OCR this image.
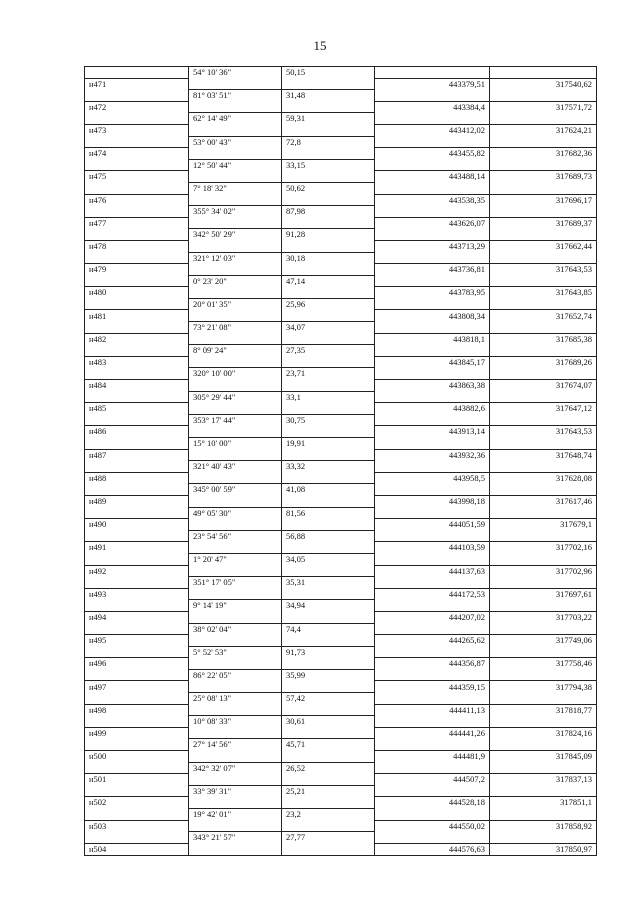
15
	54° 10' 36"	50,15		
н471			443379,51	317540,62
	81° 03' 51"	31,48		
н472			443384,4	317571,72
	62° 14' 49"	59,31		
н473			443412,02	317624,21
	53° 00' 43"	72,8		
н474			443455,82	317682,36
	12° 50' 44"	33,15		
н475			443488,14	317689,73
	7° 18' 32"	50,62		
н476			443538,35	317696,17
	355° 34' 02"	87,98		
н477			443626,07	317689,37
	342° 50' 29"	91,28		
н478			443713,29	317662,44
	321° 12' 03"	30,18		
н479			443736,81	317643,53
	0° 23' 20"	47,14		
н480			443783,95	317643,85
	20° 01' 35"	25,96		
н481			443808,34	317652,74
	73° 21' 08"	34,07		
н482			443818,1	317685,38
	8° 09' 24"	27,35		
н483			443845,17	317689,26
	320° 10' 00"	23,71		
н484			443863,38	317674,07
	305° 29' 44"	33,1		
н485			443882,6	317647,12
	353° 17' 44"	30,75		
н486			443913,14	317643,53
	15° 10' 00"	19,91		
н487			443932,36	317648,74
	321° 40' 43"	33,32		
н488			443958,5	317628,08
	345° 00' 59"	41,08		
н489			443998,18	317617,46
	49° 05' 30"	81,56		
н490			444051,59	317679,1
	23° 54' 56"	56,88		
н491			444103,59	317702,16
	1° 20' 47"	34,05		
н492			444137,63	317702,96
	351° 17' 05"	35,31		
н493			444172,53	317697,61
	9° 14' 19"	34,94		
н494			444207,02	317703,22
	38° 02' 04"	74,4		
н495			444265,62	317749,06
	5° 52' 53"	91,73		
н496			444356,87	317758,46
	86° 22' 05"	35,99		
н497			444359,15	317794,38
	25° 08' 13"	57,42		
н498			444411,13	317818,77
	10° 08' 33"	30,61		
н499			444441,26	317824,16
	27° 14' 56"	45,71		
н500			444481,9	317845,09
	342° 32' 07"	26,52		
н501			444507,2	317837,13
	33° 39' 31"	25,21		
н502			444528,18	317851,1
	19° 42' 01"	23,2		
н503			444550,02	317858,92
	343° 21' 57"	27,77		
н504			444576,63	317850,97
